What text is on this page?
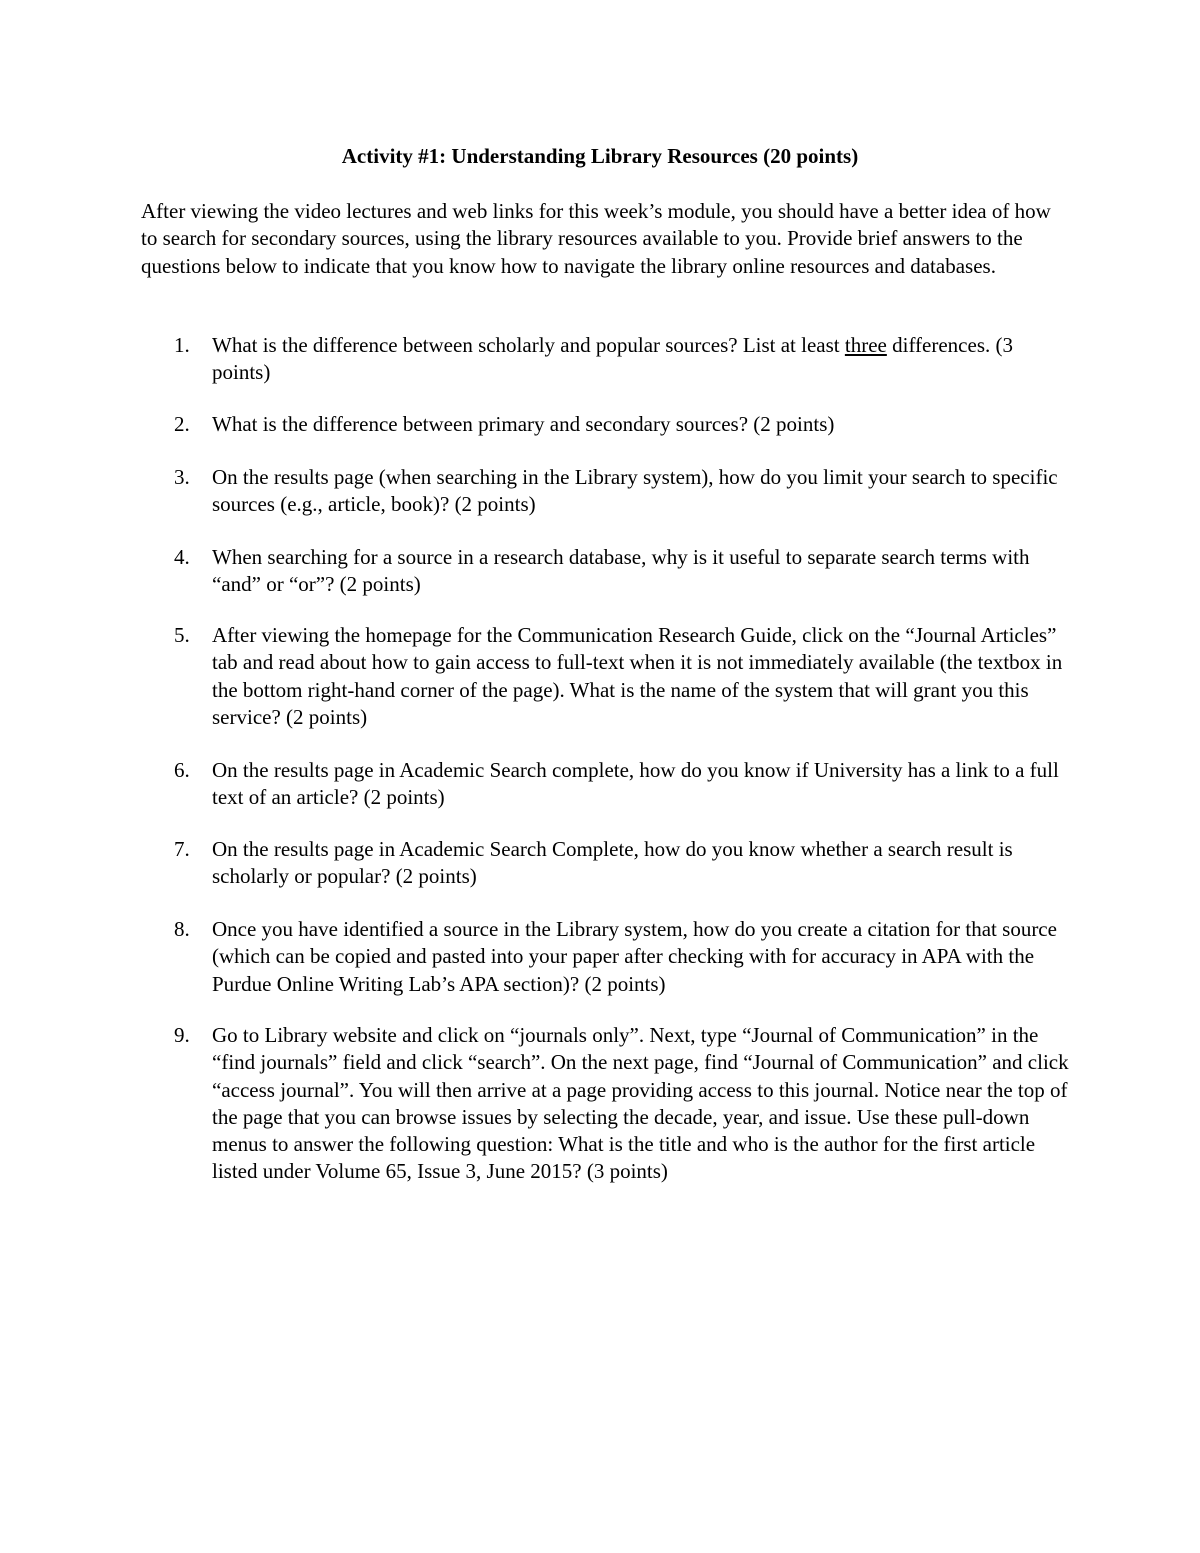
Activity #1: Understanding Library Resources (20 points)
After viewing the video lectures and web links for this week’s module, you should have a better idea of how to search for secondary sources, using the library resources available to you. Provide brief answers to the questions below to indicate that you know how to navigate the library online resources and databases.
1.	What is the difference between scholarly and popular sources? List at least three differences. (3 points)
2.	What is the difference between primary and secondary sources? (2 points)
3.	On the results page (when searching in the Library system), how do you limit your search to specific sources (e.g., article, book)? (2 points)
4.	When searching for a source in a research database, why is it useful to separate search terms with “and” or “or”? (2 points)
5.	After viewing the homepage for the Communication Research Guide, click on the “Journal Articles” tab and read about how to gain access to full-text when it is not immediately available (the textbox in the bottom right-hand corner of the page). What is the name of the system that will grant you this service? (2 points)
6.	On the results page in Academic Search complete, how do you know if University has a link to a full text of an article? (2 points)
7.	On the results page in Academic Search Complete, how do you know whether a search result is scholarly or popular? (2 points)
8.	Once you have identified a source in the Library system, how do you create a citation for that source (which can be copied and pasted into your paper after checking with for accuracy in APA with the Purdue Online Writing Lab’s APA section)? (2 points)
9.	Go to Library website and click on “journals only”. Next, type “Journal of Communication” in the “find journals” field and click “search”. On the next page, find “Journal of Communication” and click “access journal”. You will then arrive at a page providing access to this journal. Notice near the top of the page that you can browse issues by selecting the decade, year, and issue. Use these pull-down menus to answer the following question: What is the title and who is the author for the first article listed under Volume 65, Issue 3, June 2015? (3 points)
